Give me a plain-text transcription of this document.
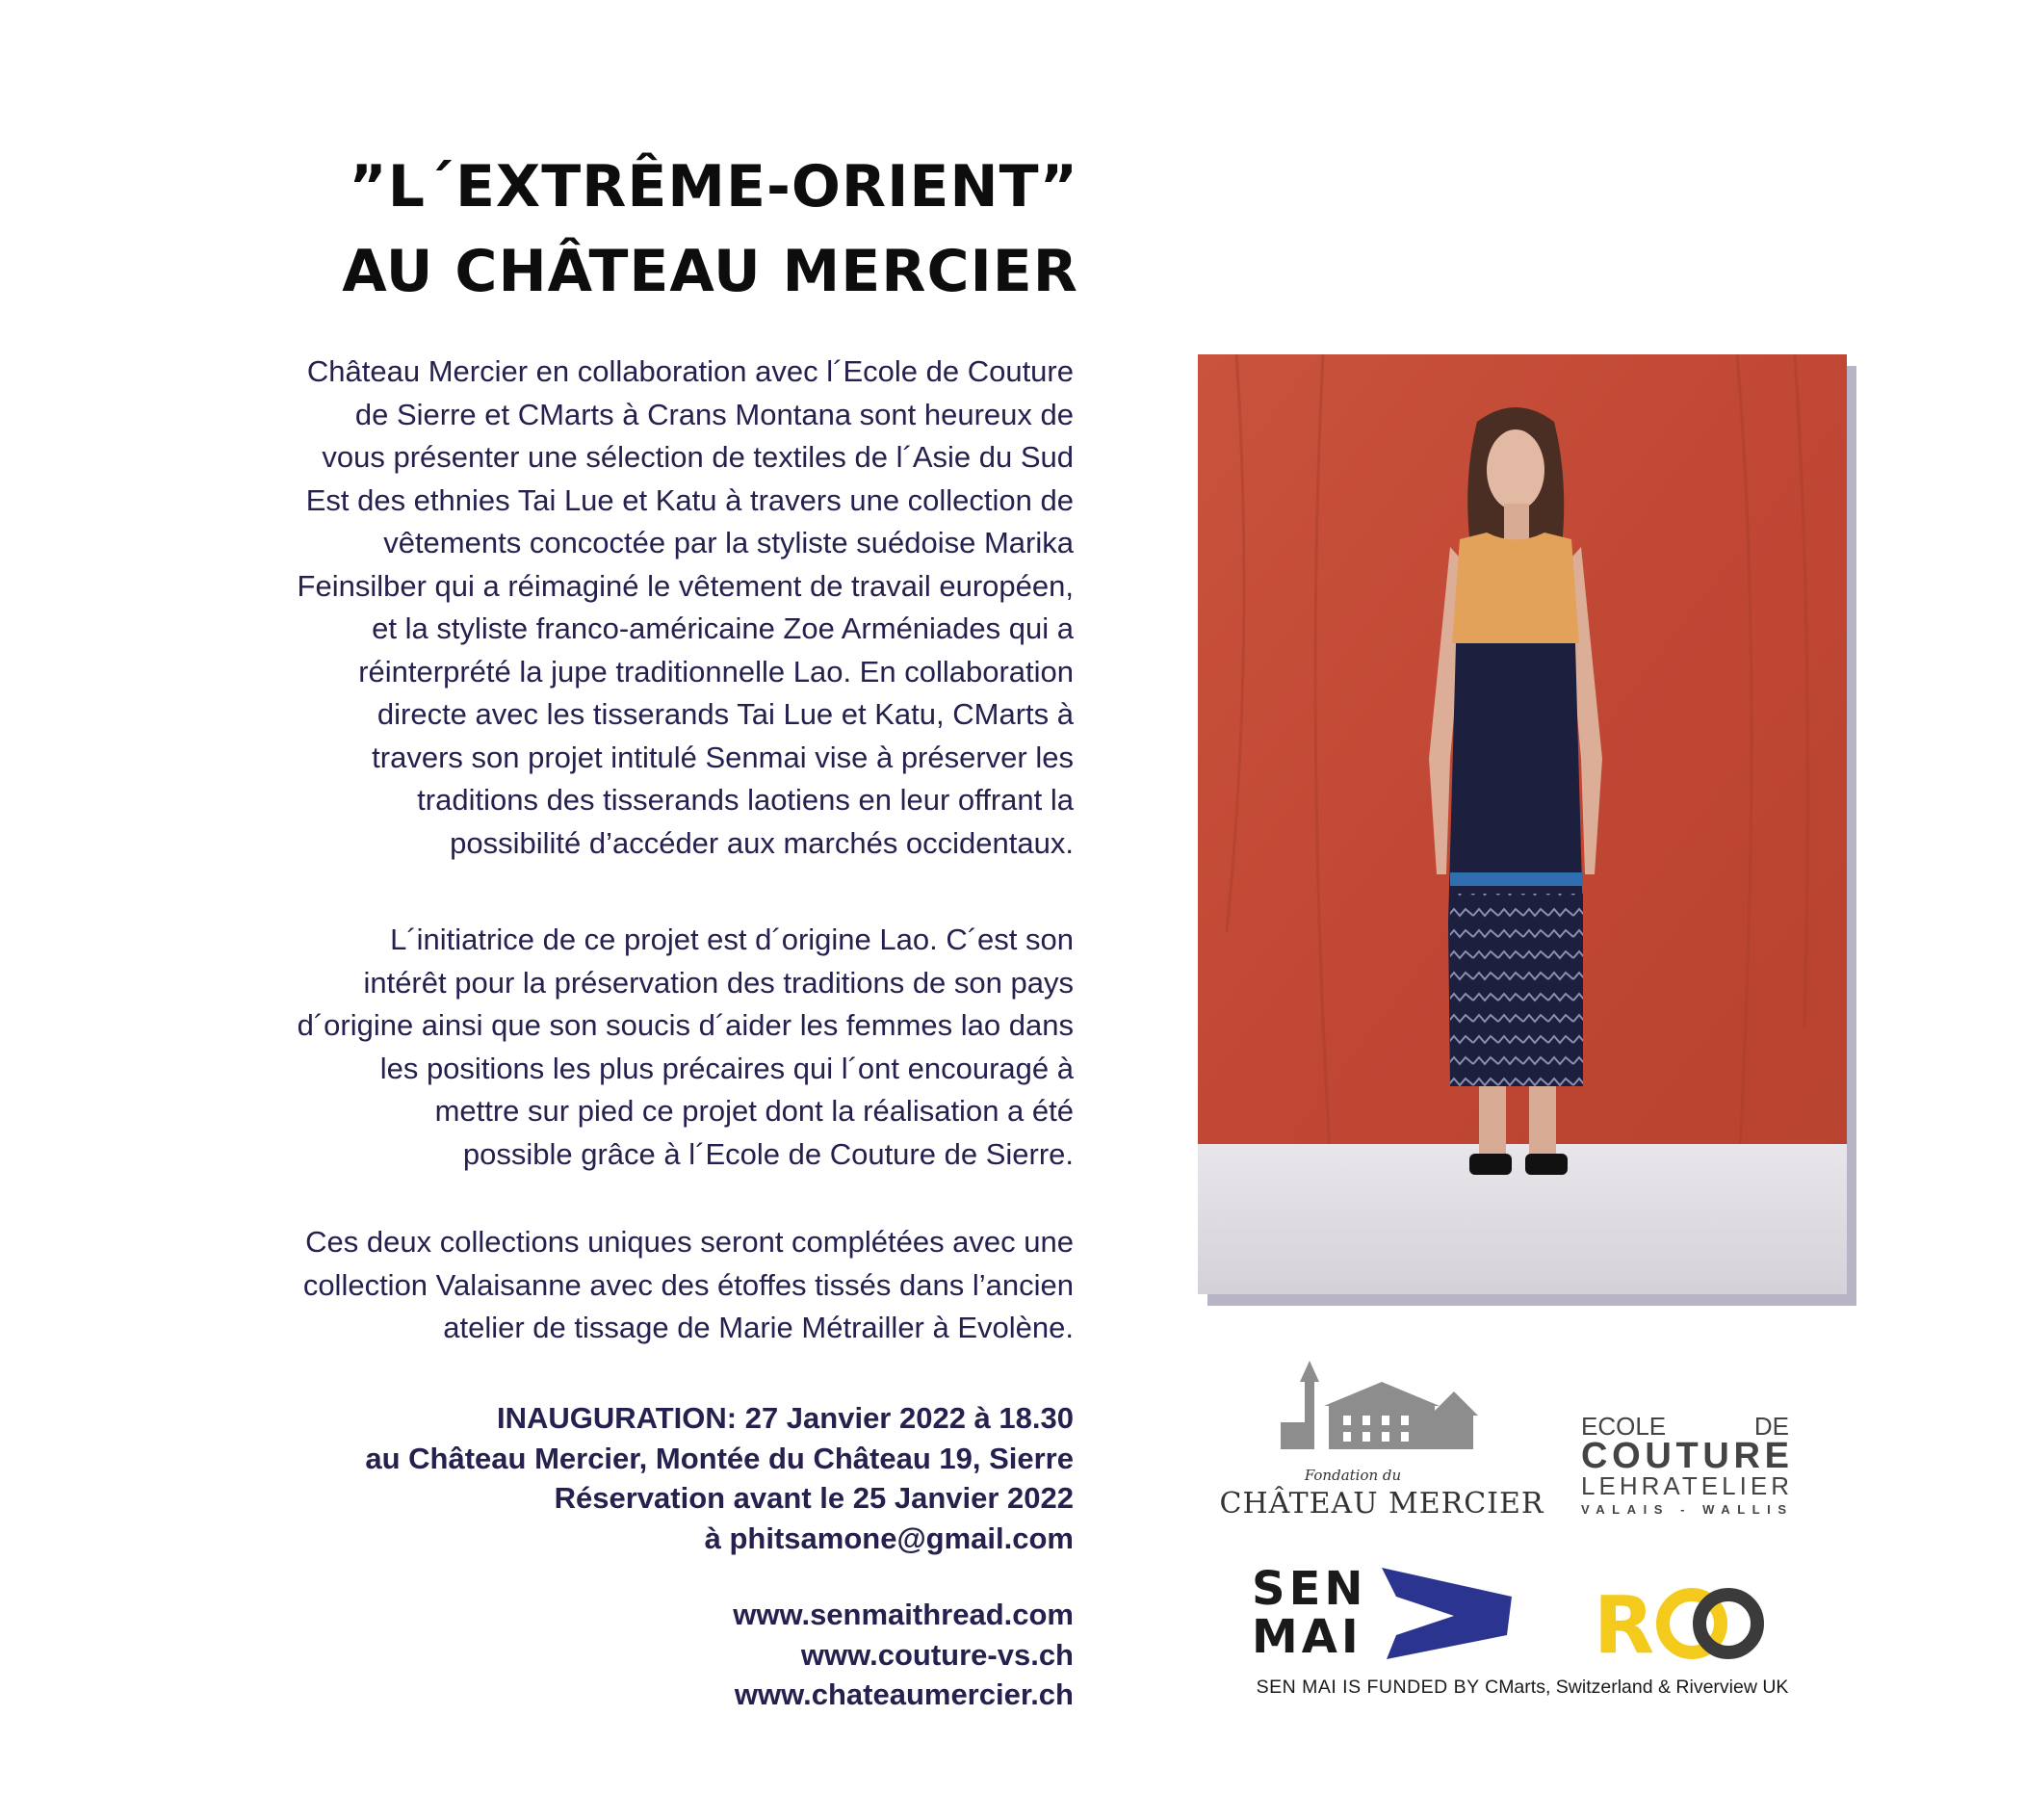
”L´EXTRÊME-ORIENT”
AU CHÂTEAU MERCIER
Château Mercier en collaboration avec l´Ecole de Couture
de Sierre et CMarts à Crans Montana sont heureux de
vous présenter une sélection de textiles de l´Asie du Sud
Est des ethnies Tai Lue et Katu à travers une collection de
vêtements concoctée par la styliste suédoise Marika
Feinsilber qui a réimaginé le vêtement de travail européen,
et la styliste franco-américaine Zoe Arméniades qui a
réinterprété la jupe traditionnelle Lao. En collaboration
directe avec les tisserands Tai Lue et Katu, CMarts à
travers son projet intitulé Senmai vise à préserver les
traditions des tisserands laotiens en leur offrant la
possibilité d’accéder aux marchés occidentaux.
L´initiatrice de ce projet est d´origine Lao. C´est son
intérêt pour la préservation des traditions de son pays
d´origine ainsi que son soucis d´aider les femmes lao dans
les positions les plus précaires qui l´ont encouragé à
mettre sur pied ce projet dont la réalisation a été
possible grâce à l´Ecole de Couture de Sierre.
Ces deux collections uniques seront complétées avec une
collection Valaisanne avec des étoffes tissés dans l’ancien
atelier de tissage de Marie Métrailler à Evolène.
INAUGURATION: 27 Janvier 2022 à 18.30
au Château Mercier, Montée du Château 19, Sierre
Réservation avant le 25 Janvier 2022
à phitsamone@gmail.com
www.senmaithread.com
www.couture-vs.ch
www.chateaumercier.ch
Fondation du
CHÂTEAU MERCIER
ECOLE	DE
COUTURE
LEHRATELIER
VALAIS - WALLIS
SEN
MAI	R
SEN MAI IS FUNDED BY CMarts, Switzerland & Riverview UK
